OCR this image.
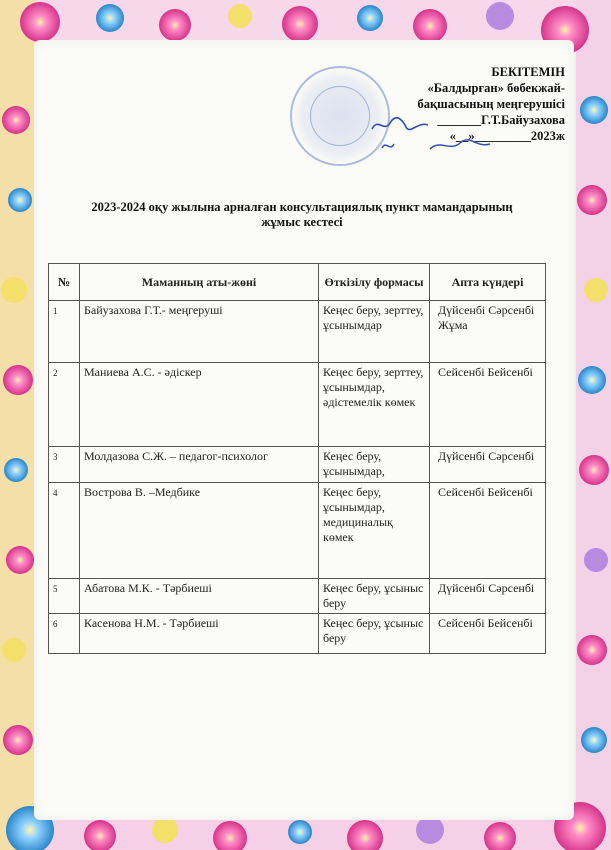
БЕКІТЕМІН
«Балдырған» бөбекжай-
бақшасының меңгерушісі
_______Г.Т.Байузахова
«__»_________2023ж
2023-2024 оқу жылына арналған консультациялық пункт мамандарының
жұмыс кестесі
№	Маманның аты-жөні	Өткізілу формасы	Апта күндері
1	Байузахова Г.Т.- меңгеруші	Кеңес беру, зерттеу, ұсынымдар	Дүйсенбі Сәрсенбі Жұма
2	Маниева А.С. - әдіскер	Кеңес беру, зерттеу, ұсынымдар, әдістемелік көмек	Сейсенбі Бейсенбі
3	Молдазова С.Ж. – педагог-психолог	Кеңес беру, ұсынымдар,	Дүйсенбі Сәрсенбі
4	Вострова В. –Медбике	Кеңес беру, ұсынымдар, медициналық көмек	Сейсенбі Бейсенбі
5	Абатова М.К. - Тәрбиеші	Кеңес беру, ұсыныс беру	Дүйсенбі Сәрсенбі
6	Касенова Н.М. - Тәрбиеші	Кеңес беру, ұсыныс беру	Сейсенбі Бейсенбі
